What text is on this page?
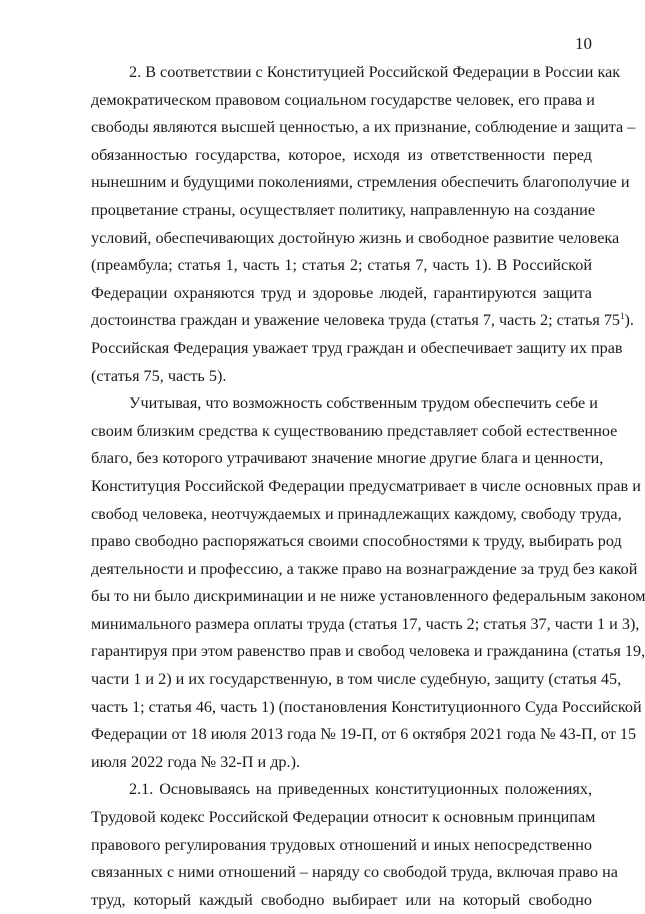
10
2. В соответствии с Конституцией Российской Федерации в России как
демократическом правовом социальном государстве человек, его права и
свободы являются высшей ценностью, а их признание, соблюдение и защита –
обязанностью государства, которое, исходя из ответственности перед
нынешним и будущими поколениями, стремления обеспечить благополучие и
процветание страны, осуществляет политику, направленную на создание
условий, обеспечивающих достойную жизнь и свободное развитие человека
(преамбула; статья 1, часть 1; статья 2; статья 7, часть 1). В Российской
Федерации охраняются труд и здоровье людей, гарантируются защита
достоинства граждан и уважение человека труда (статья 7, часть 2; статья $75^1$).
Российская Федерация уважает труд граждан и обеспечивает защиту их прав
(статья 75, часть 5).
Учитывая, что возможность собственным трудом обеспечить себе и
своим близким средства к существованию представляет собой естественное
благо, без которого утрачивают значение многие другие блага и ценности,
Конституция Российской Федерации предусматривает в числе основных прав и
свобод человека, неотчуждаемых и принадлежащих каждому, свободу труда,
право свободно распоряжаться своими способностями к труду, выбирать род
деятельности и профессию, а также право на вознаграждение за труд без какой
бы то ни было дискриминации и не ниже установленного федеральным законом
минимального размера оплаты труда (статья 17, часть 2; статья 37, части 1 и 3),
гарантируя при этом равенство прав и свобод человека и гражданина (статья 19,
части 1 и 2) и их государственную, в том числе судебную, защиту (статья 45,
часть 1; статья 46, часть 1) (постановления Конституционного Суда Российской
Федерации от 18 июля 2013 года № 19-П, от 6 октября 2021 года № 43-П, от 15
июля 2022 года № 32-П и др.).
2.1. Основываясь на приведенных конституционных положениях,
Трудовой кодекс Российской Федерации относит к основным принципам
правового регулирования трудовых отношений и иных непосредственно
связанных с ними отношений – наряду со свободой труда, включая право на
труд, который каждый свободно выбирает или на который свободно
